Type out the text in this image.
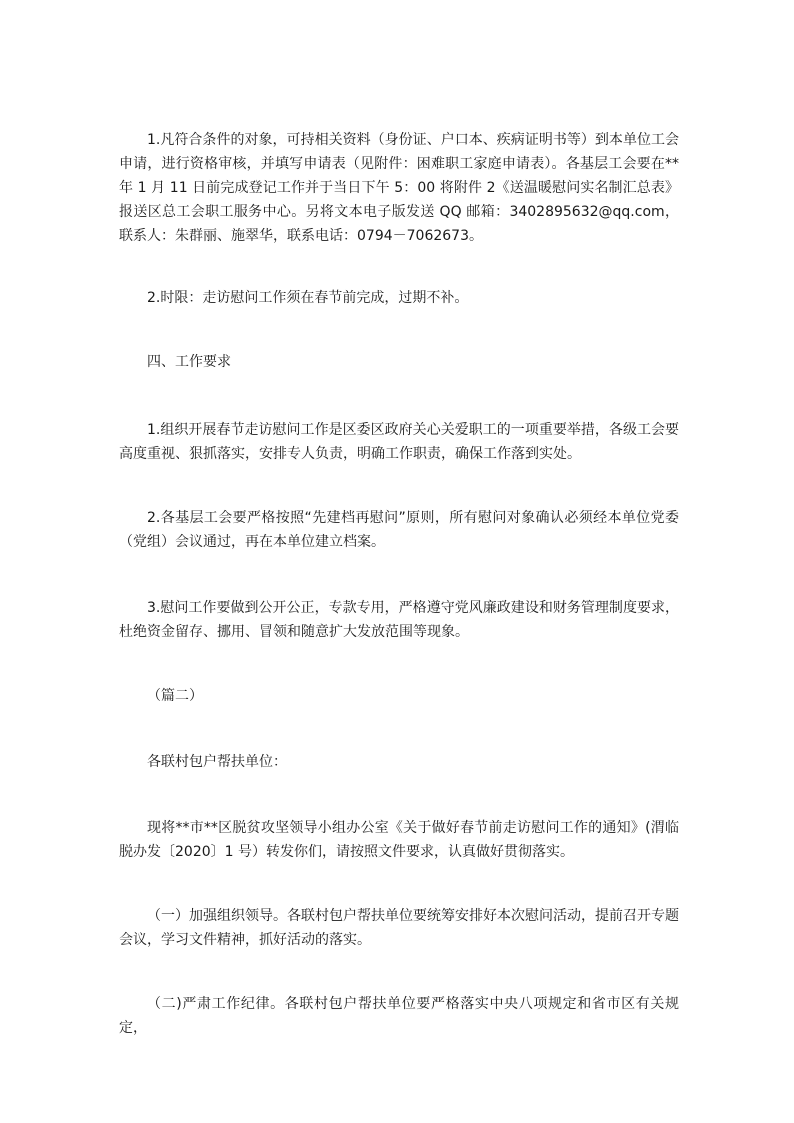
1.凡符合条件的对象，可持相关资料（身份证、户口本、疾病证明书等）到本单位工会申请，进行资格审核，并填写申请表（见附件：困难职工家庭申请表）。各基层工会要在**年 1 月 11 日前完成登记工作并于当日下午 5：00 将附件 2《送温暖慰问实名制汇总表》报送区总工会职工服务中心。另将文本电子版发送 QQ 邮箱：3402895632@qq.com，联系人：朱群丽、施翠华，联系电话：0794－7062673。

2.时限：走访慰问工作须在春节前完成，过期不补。

四、工作要求

1.组织开展春节走访慰问工作是区委区政府关心关爱职工的一项重要举措，各级工会要高度重视、狠抓落实，安排专人负责，明确工作职责，确保工作落到实处。

2.各基层工会要严格按照“先建档再慰问”原则，所有慰问对象确认必须经本单位党委（党组）会议通过，再在本单位建立档案。

3.慰问工作要做到公开公正，专款专用，严格遵守党风廉政建设和财务管理制度要求，杜绝资金留存、挪用、冒领和随意扩大发放范围等现象。

（篇二）

各联村包户帮扶单位：

现将**市**区脱贫攻坚领导小组办公室《关于做好春节前走访慰问工作的通知》(渭临脱办发〔2020〕1 号）转发你们，请按照文件要求，认真做好贯彻落实。

（一）加强组织领导。各联村包户帮扶单位要统筹安排好本次慰问活动，提前召开专题会议，学习文件精神，抓好活动的落实。

（二)严肃工作纪律。各联村包户帮扶单位要严格落实中央八项规定和省市区有关规定，
